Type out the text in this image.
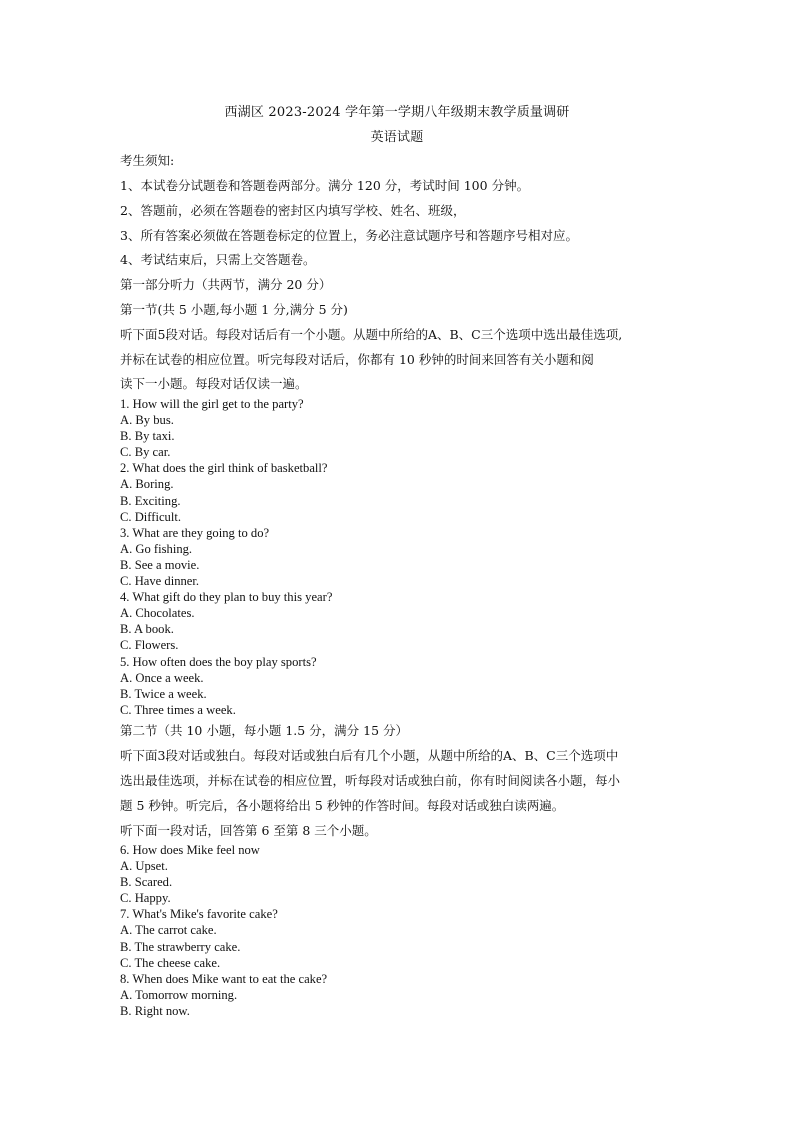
西湖区 2023-2024 学年第一学期八年级期末教学质量调研
英语试题
考生须知:
1、本试卷分试题卷和答题卷两部分。满分 120 分，考试时间 100 分钟。
2、答题前，必须在答题卷的密封区内填写学校、姓名、班级，
3、所有答案必须做在答题卷标定的位置上，务必注意试题序号和答题序号相对应。
4、考试结束后，只需上交答题卷。
第一部分听力（共两节，满分 20 分）
第一节(共 5 小题,每小题 1 分,满分 5 分)
听下面5段对话。每段对话后有一个小题。从题中所给的A、B、C三个选项中选出最佳选项,
并标在试卷的相应位置。听完每段对话后，你都有 10 秒钟的时间来回答有关小题和阅
读下一小题。每段对话仅读一遍。
1. How will the girl get to the party?
A. By bus.
B. By taxi.
C. By car.
2. What does the girl think of basketball?
A. Boring.
B. Exciting.
C. Difficult.
3. What are they going to do?
A. Go fishing.
B. See a movie.
C. Have dinner.
4. What gift do they plan to buy this year?
A. Chocolates.
B. A book.
C. Flowers.
5. How often does the boy play sports?
A. Once a week.
B. Twice a week.
C. Three times a week.
第二节（共 10 小题，每小题 1.5 分，满分 15 分）
听下面3段对话或独白。每段对话或独白后有几个小题，从题中所给的A、B、C三个选项中
选出最佳选项，并标在试卷的相应位置，听每段对话或独白前，你有时间阅读各小题，每小
题 5 秒钟。听完后，各小题将给出 5 秒钟的作答时间。每段对话或独白读两遍。
听下面一段对话，回答第 6 至第 8 三个小题。
6. How does Mike feel now
A. Upset.
B. Scared.
C. Happy.
7. What's Mike's favorite cake?
A. The carrot cake.
B. The strawberry cake.
C. The cheese cake.
8. When does Mike want to eat the cake?
A. Tomorrow morning.
B. Right now.
